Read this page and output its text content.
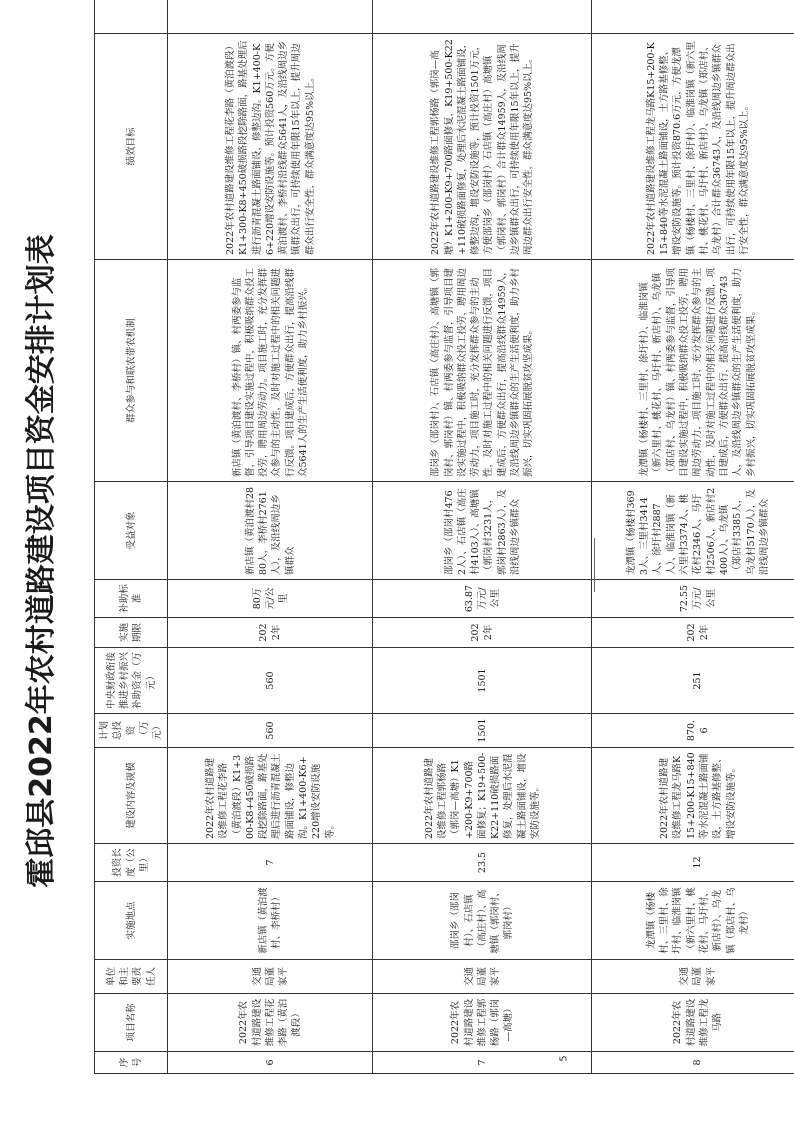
霍邱县2022年农村道路建设项目资金安排计划表
序号	项目名称	单位和主要责任人	实施地点	投资长度（公里）	建设内容及规模	计划总投资（万元）	中央财政衔接推进乡村振兴补助资金（万元）	实施期限	补助标准	受益对象	群众参与和联农带农机制	绩效目标	
6	2022年农村道路建设维修工程花李路（黄泊渡段）	交通局董家平	新店镇（黄泊渡村、李桥村）	7	2022年农村道路建设维修工程花李路（黄泊渡段）K1+300-K8+450破损路段挖除路面，路基处理后进行沥青混凝土路面铺设，修整边沟。K1+400-K6+220增设安防设施等。	560	560	2022年	80万元/公里	新店镇（黄泊渡村2880人，李桥村2761人），及沿线周边乡镇群众	新店镇（黄泊渡村、李桥村）镇、村两委参与监督，引导项目建设实施过程中，积极吸纳群众投工投劳，聘用周边劳动力。项目施工时，充分发挥群众参与的主动性，及时对施工过程中的相关问题进行反馈。项目建成后，方便群众出行，提高沿线群众5641人的生产生活便利度，助力乡村振兴。	2022年农村道路建设维修工程花李路（黄泊渡段）K1+300-K8+450破损路段挖除路面，路基处理后进行沥青混凝土路面铺设，修整边沟。K1+400-K6+220增设安防设施等。预计投资560万元。方便黄泊渡村、李桥村沿线群众5641人，及沿线周边乡镇群众出行，可持续使用年限15年以上，提升周边群众出行安全性，群众满意度达95%以上。	
7	2022年农村道路建设维修工程郭杨路（郭岗—高塘）	交通局董家平	邵岗乡（邵岗村）、石店镇（高庄村）、高塘镇（郭岗村、郭岗村）	23.5	2022年农村道路建设维修工程郭杨路（郭岗—高塘）K1+200-K9+700路面修复；K19+500-K22+110破损路面修复，处理后水泥混凝土路面铺设，增设安防设施等。	1501	1501	2022年	63.87万元/公里	邵岗乡（邵岗村4762人）、石店镇（高庄村4103人）、高塘镇（郭岗村3231人，郭岗村2863人），及沿线周边乡镇群众	邵岗乡（邵岗村）、石店镇（高庄村）、高塘镇（郭岗村、郭岗村）镇、村两委参与监督，引导项目建设实施过程中，积极吸纳群众投工投劳，聘用周边劳动力，项目施工时，充分发挥群众参与的主动性，及时对施工过程中的相关问题进行反馈，项目建成后，方便群众出行，提高沿线群众14959人，及沿线周边乡镇群众的生产生活便利度，助力乡村振兴，切实巩固拓展脱贫攻坚成果。	2022年农村道路建设维修工程郭杨路（郭岗—高塘）K1+200-K9+700路面修复，K19+500-K22+110破损路面修复，处理后水泥混凝土路面铺设，修整边沟，增设安防设施等，预计投资1501万元，方便邵岗乡（邵岗村）石店镇（高庄村）高塘镇（郭岗村、郭岗村）合计群众14959人，及沿线周边乡镇群众出行，可持续使用年限15年以上，提升周边群众出行安全性，群众满意度达95%以上。	
8	2022年农村道路建设维修工程龙马路	交通局董家平	龙潭镇（杨楼村、三里村、徐圩村、临淮岗镇（新六里村、桃花村、马圩村、新店村）、乌龙镇（郑店村、乌龙村）	12	2022年农村道路建设维修工程龙马路K15+200-K15+840等水泥混凝土路面铺设，土方路基修整、增设安防设施等。	870.6	251	2022年	72.55万元/公里	龙潭镇（杨楼村3693人、三里村3414人、徐圩村2887人）、临淮岗镇（新六里村3374人、桃花村2346人、马圩村2506人，新店村2400人）、乌龙镇（郑店村3385人，乌龙村5170人），及沿线周边乡镇群众	龙潭镇（杨楼村、三里村、徐圩村）、临淮岗镇（新六里村、桃花村、马圩村、新店村）、乌龙镇（郑店村、乌龙村）镇、村两委参与监督，引导项目建设实施过程中，积极吸纳群众投工投劳，聘用周边劳动力，项目施工时，充分发挥群众参与的主动性，及时对施工过程中的相关问题进行反馈，项目建成后，方便群众出行，提高沿线群众36743人，及沿线周边乡镇群众的生产生活便利度，助力乡村振兴，切实巩固拓展脱贫攻坚成果。	2022年农村道路建设维修工程龙马路K15+200-K15+840等水泥混凝土路面铺设，土方路基修整、增设安防设施等。预计投资870.6万元，方便龙潭镇（杨楼村、三里村、徐圩村）、临淮岗镇（新六里村、桃花村、马圩村、新店村）、乌龙镇（郑店村、乌龙村）合计群众36743人，及沿线周边乡镇群众出行，可持续使用年限15年以上，提升周边群众出行安全性，群众满意度达95%以上。	
5
